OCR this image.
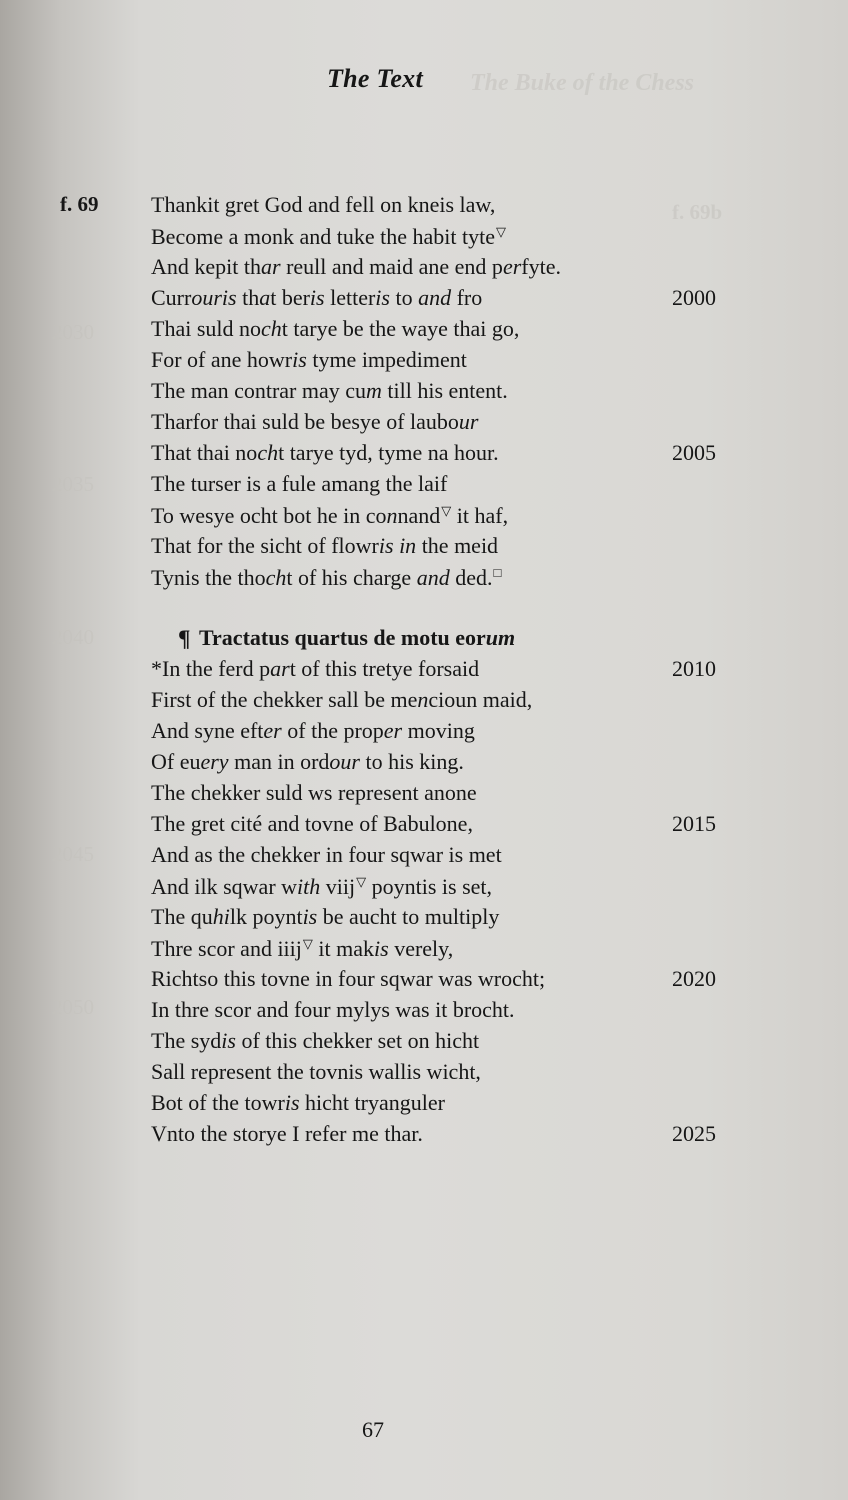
The Buke of the Chess
f. 69b
2030
2035
2040
2045
2050
The Text
f. 69 Thankit gret God and fell on kneis law,
Become a monk and tuke the habit tyte▽
And kepit thar reull and maid ane end perfyte.
Currouris that beris letteris to and fro
Thai suld nocht tarye be the waye thai go,
For of ane howris tyme impediment
The man contrar may cum till his entent.
Tharfor thai suld be besye of laubour
That thai nocht tarye tyd, tyme na hour.
The turser is a fule amang the laif
To wesye ocht bot he in connand▽ it haf,
That for the sicht of flowris in the meid
Tynis the thocht of his charge and ded.□
¶ Tractatus quartus de motu eorum
*In the ferd part of this tretye forsaid
First of the chekker sall be mencioun maid,
And syne efter of the proper moving
Of euery man in ordour to his king.
The chekker suld ws represent anone
The gret cité and tovne of Babulone,
And as the chekker in four sqwar is met
And ilk sqwar with viij▽ poyntis is set,
The quhilk poyntis be aucht to multiply
Thre scor and iiij▽ it makis verely,
Richtso this tovne in four sqwar was wrocht;
In thre scor and four mylys was it brocht.
The sydis of this chekker set on hicht
Sall represent the tovnis wallis wicht,
Bot of the towris hicht tryanguler
Vnto the storye I refer me thar.
2000
2005
2010
2015
2020
2025
67
